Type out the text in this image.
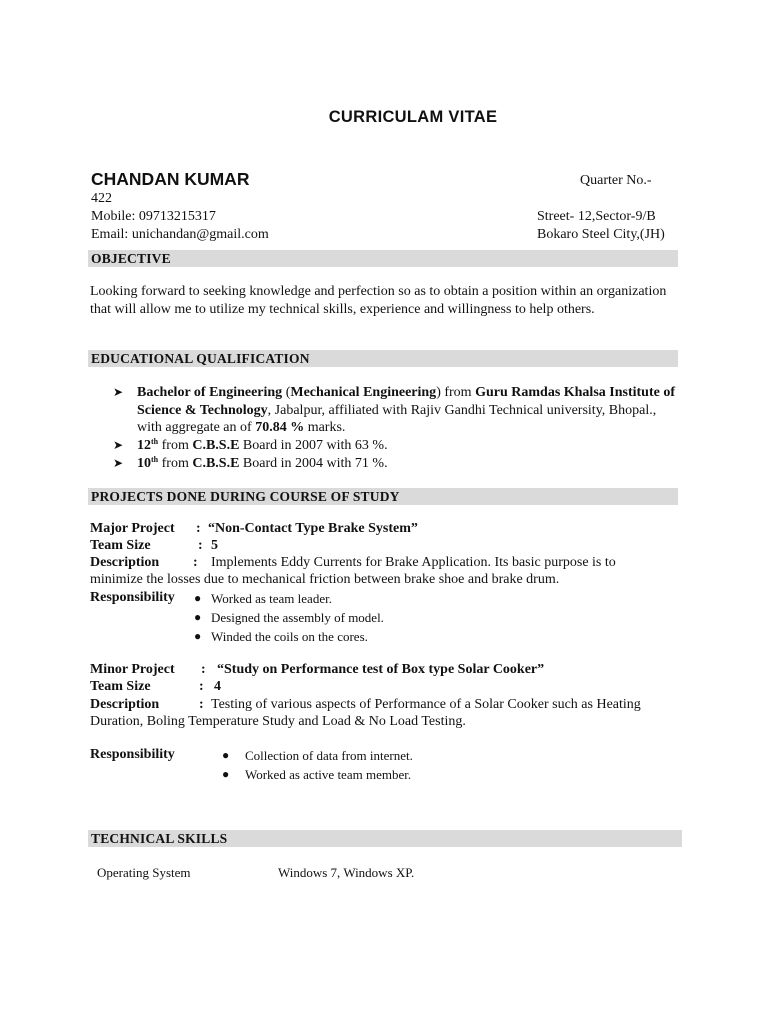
CURRICULAM VITAE
CHANDAN KUMAR	Quarter No.-
422
Mobile: 09713215317	Street- 12,Sector-9/B
Email: unichandan@gmail.com	Bokaro Steel City,(JH)
OBJECTIVE
Looking forward to seeking knowledge and perfection so as to obtain a position within an organization that will allow me to utilize my technical skills, experience and willingness to help others.
EDUCATIONAL QUALIFICATION
➤ Bachelor of Engineering (Mechanical Engineering) from Guru Ramdas Khalsa Institute of Science & Technology, Jabalpur, affiliated with Rajiv Gandhi Technical university, Bhopal., with aggregate an of 70.84 % marks.
➤ 12th from C.B.S.E Board in 2007 with 63 %.
➤ 10th from C.B.S.E Board in 2004 with 71 %.
PROJECTS DONE DURING COURSE OF STUDY
Major Project : “Non-Contact Type Brake System”
Team Size	: 5
Description : Implements Eddy Currents for Brake Application. Its basic purpose is to
minimize the losses due to mechanical friction between brake shoe and brake drum.
Responsibility ● Worked as team leader.
● Designed the assembly of model.
● Winded the coils on the cores.
Minor Project : “Study on Performance test of Box type Solar Cooker”
Team Size	: 4
Description	: Testing of various aspects of Performance of a Solar Cooker such as Heating
Duration, Boling Temperature Study and Load & No Load Testing.
Responsibility	● Collection of data from internet.
● Worked as active team member.
TECHNICAL SKILLS
Operating System	Windows 7, Windows XP.
